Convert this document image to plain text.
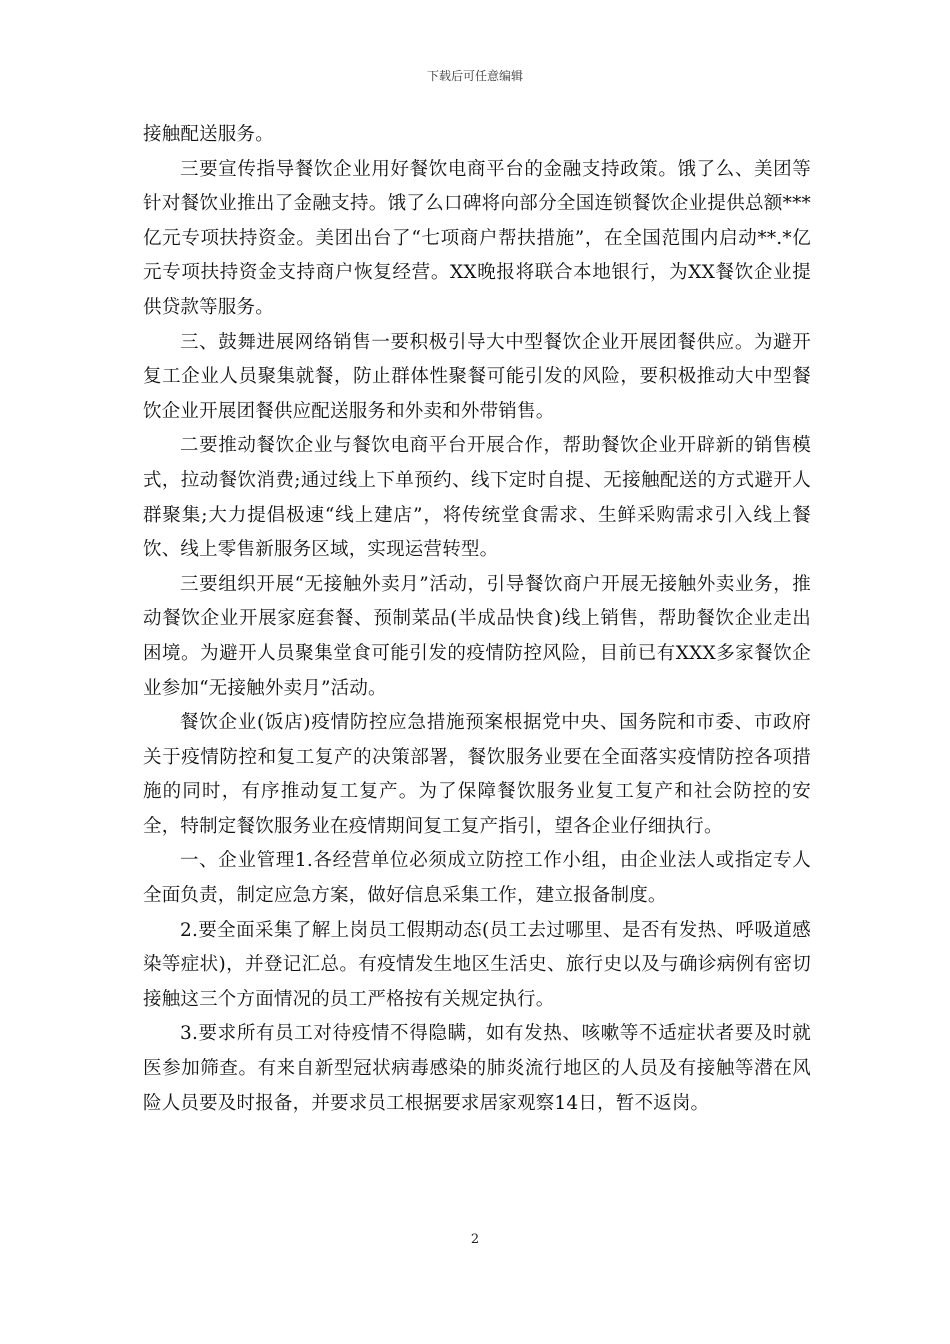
下载后可任意编辑

接触配送服务。

三要宣传指导餐饮企业用好餐饮电商平台的金融支持政策。饿了么、美团等针对餐饮业推出了金融支持。饿了么口碑将向部分全国连锁餐饮企业提供总额***亿元专项扶持资金。美团出台了“七项商户帮扶措施”，在全国范围内启动**.*亿元专项扶持资金支持商户恢复经营。XX晚报将联合本地银行，为XX餐饮企业提供贷款等服务。

三、鼓舞进展网络销售一要积极引导大中型餐饮企业开展团餐供应。为避开复工企业人员聚集就餐，防止群体性聚餐可能引发的风险，要积极推动大中型餐饮企业开展团餐供应配送服务和外卖和外带销售。

二要推动餐饮企业与餐饮电商平台开展合作，帮助餐饮企业开辟新的销售模式，拉动餐饮消费;通过线上下单预约、线下定时自提、无接触配送的方式避开人群聚集;大力提倡极速“线上建店”，将传统堂食需求、生鲜采购需求引入线上餐饮、线上零售新服务区域，实现运营转型。

三要组织开展“无接触外卖月”活动，引导餐饮商户开展无接触外卖业务，推动餐饮企业开展家庭套餐、预制菜品(半成品快食)线上销售，帮助餐饮企业走出困境。为避开人员聚集堂食可能引发的疫情防控风险，目前已有XXX多家餐饮企业参加“无接触外卖月”活动。

餐饮企业(饭店)疫情防控应急措施预案根据党中央、国务院和市委、市政府关于疫情防控和复工复产的决策部署，餐饮服务业要在全面落实疫情防控各项措施的同时，有序推动复工复产。为了保障餐饮服务业复工复产和社会防控的安全，特制定餐饮服务业在疫情期间复工复产指引，望各企业仔细执行。

一、企业管理1.各经营单位必须成立防控工作小组，由企业法人或指定专人全面负责，制定应急方案，做好信息采集工作，建立报备制度。

2.要全面采集了解上岗员工假期动态(员工去过哪里、是否有发热、呼吸道感染等症状)，并登记汇总。有疫情发生地区生活史、旅行史以及与确诊病例有密切接触这三个方面情况的员工严格按有关规定执行。

3.要求所有员工对待疫情不得隐瞒，如有发热、咳嗽等不适症状者要及时就医参加筛查。有来自新型冠状病毒感染的肺炎流行地区的人员及有接触等潜在风险人员要及时报备，并要求员工根据要求居家观察14日，暂不返岗。

2
